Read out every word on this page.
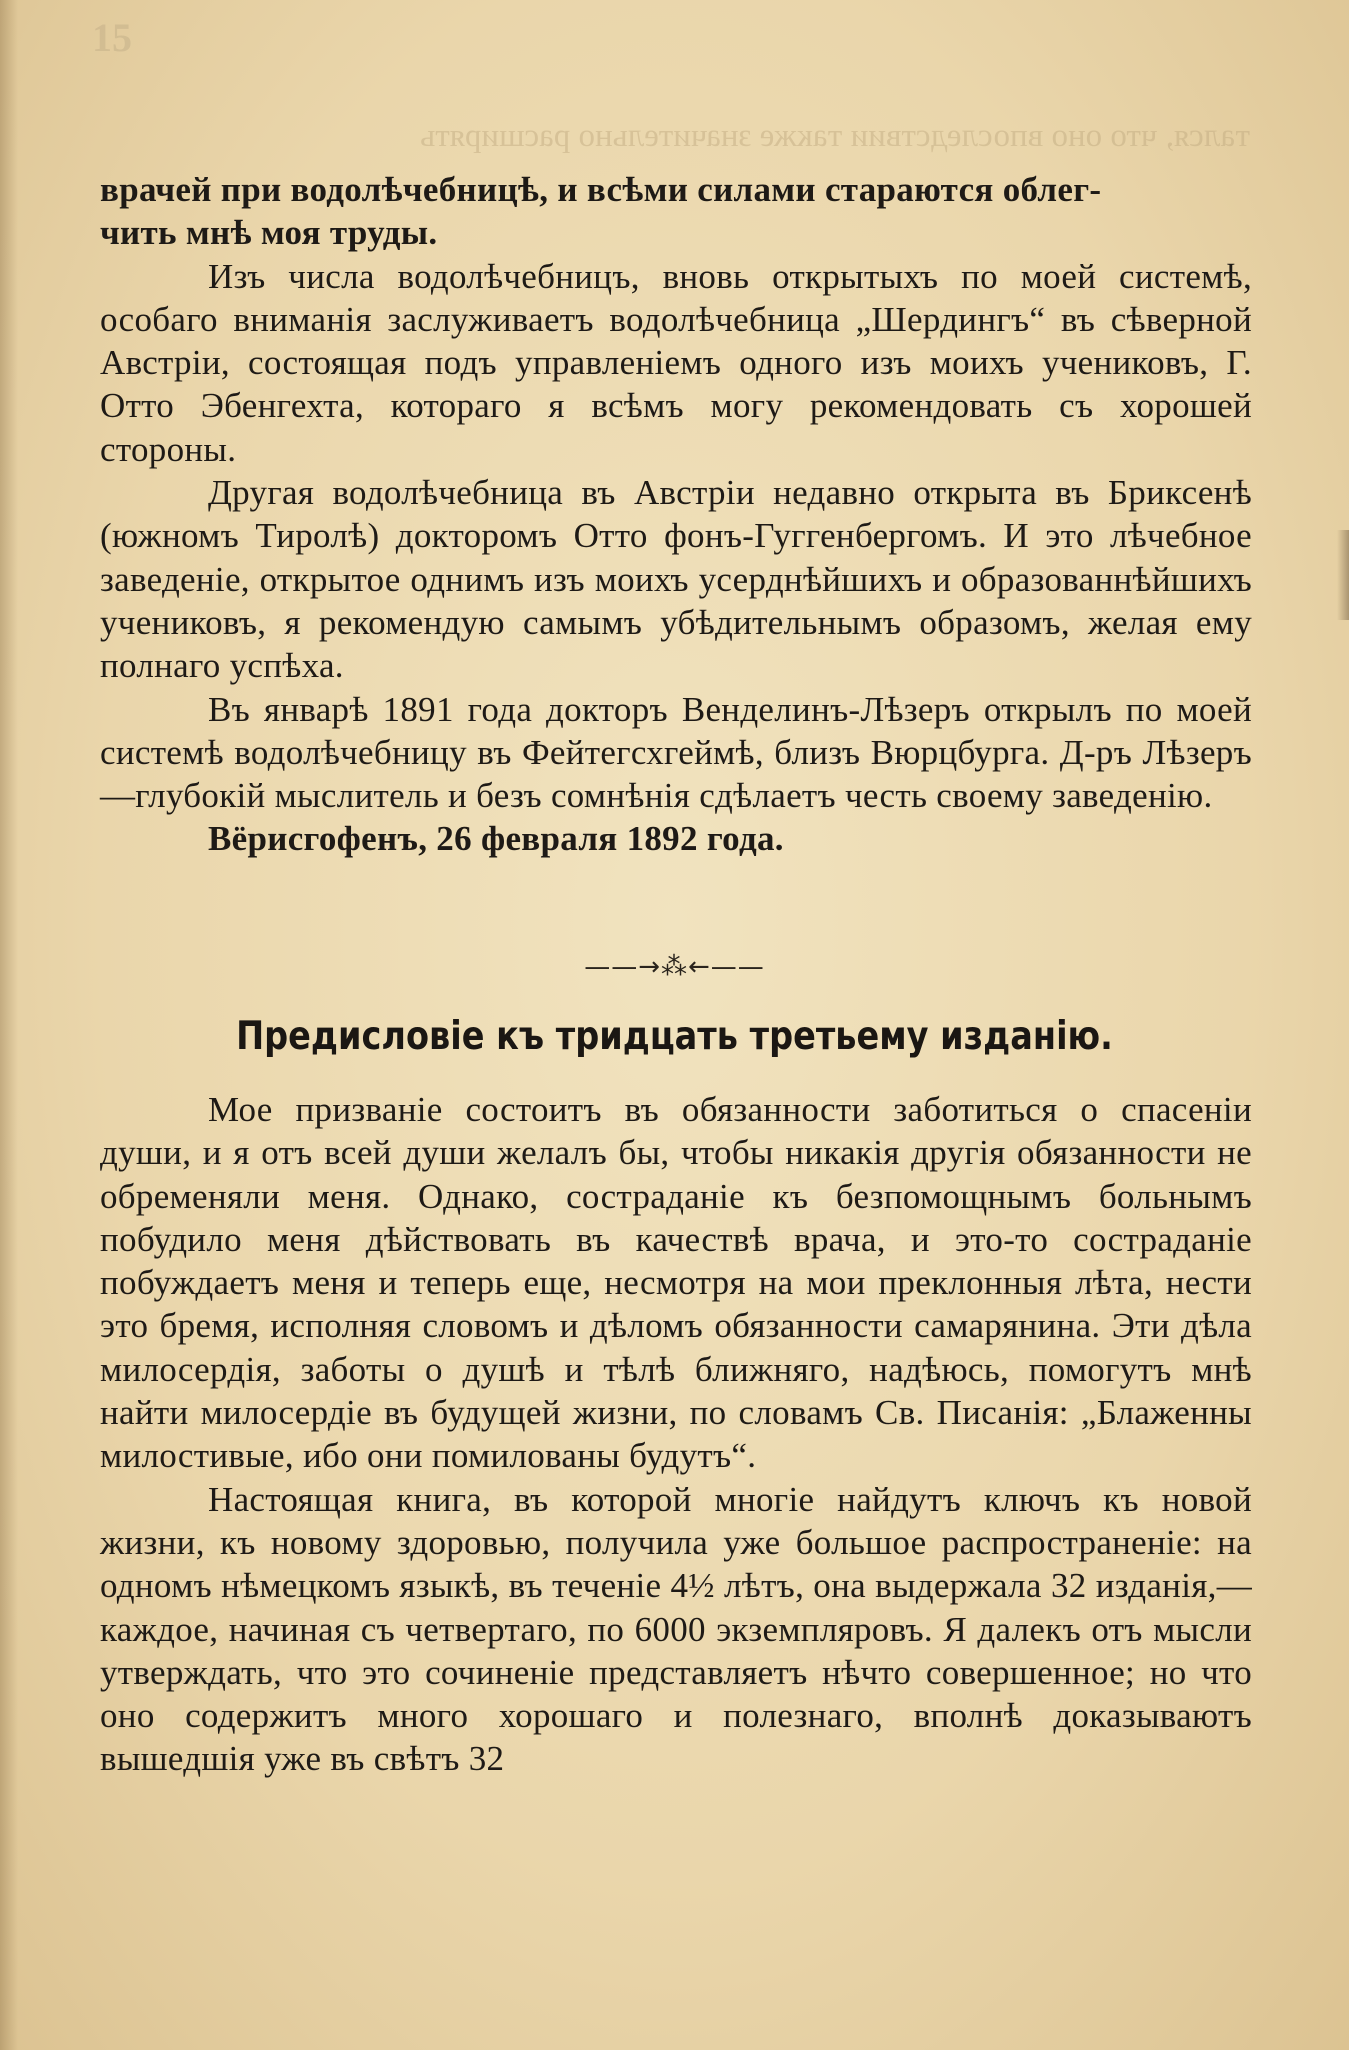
15
тался, что оно впоследствии также значительно расширять

врачей при водолѣчебницѣ, и всѣми силами стараются облег-

чить мнѣ моя труды.

Изъ числа водолѣчебницъ, вновь открытыхъ по моей системѣ, особаго вниманія заслуживаетъ водолѣчебница „Шердингъ“ въ сѣверной Австріи, состоящая подъ управленіемъ одного изъ моихъ учениковъ, Г. Отто Эбенгехта, котораго я всѣмъ могу рекомендовать съ хорошей стороны.

Другая водолѣчебница въ Австріи недавно открыта въ Бриксенѣ (южномъ Тиролѣ) докторомъ Отто фонъ-Гуггенбергомъ. И это лѣчебное заведеніе, открытое однимъ изъ моихъ усерднѣйшихъ и образованнѣйшихъ учениковъ, я рекомендую самымъ убѣдительнымъ образомъ, желая ему полнаго успѣха.

Въ январѣ 1891 года докторъ Венделинъ-Лѣзеръ открылъ по моей системѣ водолѣчебницу въ Фейтегсхгеймѣ, близъ Вюрцбурга. Д-ръ Лѣзеръ—глубокій мыслитель и безъ сомнѣнія сдѣлаетъ честь своему заведенію.

Вёрисгофенъ, 26 февраля 1892 года.

——→⁂←——
Предисловіе къ тридцать третьему изданію.

Мое призваніе состоитъ въ обязанности заботиться о спасеніи души, и я отъ всей души желалъ бы, чтобы никакія другія обязанности не обременяли меня. Однако, состраданіе къ безпомощнымъ больнымъ побудило меня дѣйствовать въ качествѣ врача, и это-то состраданіе побуждаетъ меня и теперь еще, несмотря на мои преклонныя лѣта, нести это бремя, исполняя словомъ и дѣломъ обязанности самарянина. Эти дѣла милосердія, заботы о душѣ и тѣлѣ ближняго, надѣюсь, помогутъ мнѣ найти милосердіе въ будущей жизни, по словамъ Св. Писанія: „Блаженны милостивые, ибо они помилованы будутъ“.

Настоящая книга, въ которой многіе найдутъ ключъ къ новой жизни, къ новому здоровью, получила уже большое распространеніе: на одномъ нѣмецкомъ языкѣ, въ теченіе 4½ лѣтъ, она выдержала 32 изданія,—каждое, начиная съ четвертаго, по 6000 экземпляровъ. Я далекъ отъ мысли утверждать, что это сочиненіе представляетъ нѣчто совершенное; но что оно содержитъ много хорошаго и полезнаго, вполнѣ доказываютъ вышедшія уже въ свѣтъ 32
